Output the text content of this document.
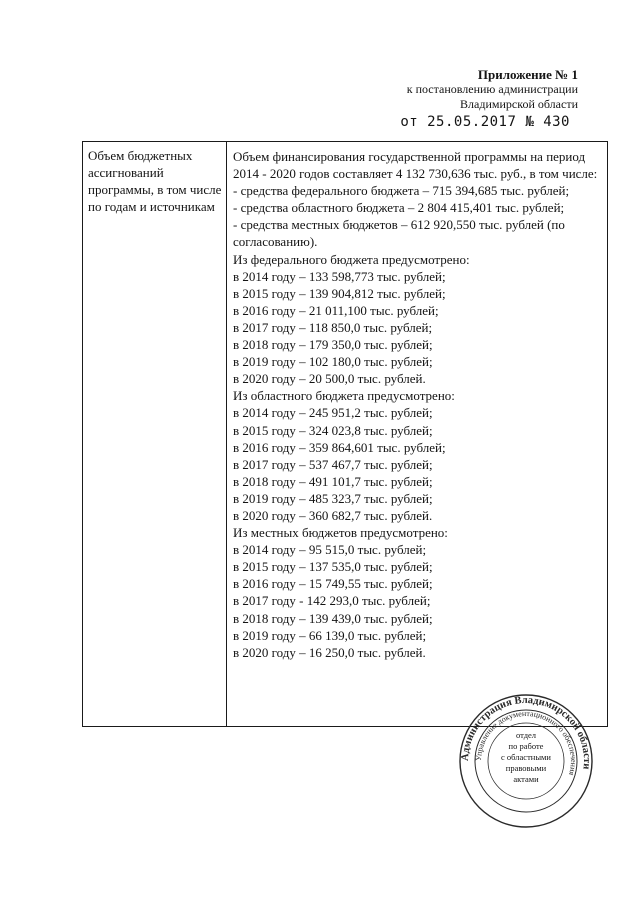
Приложение № 1
к постановлению администрации
Владимирской области
от 25.05.2017 № 430
Объем бюджетных ассигнований программы, в том числе по годам и источникам

Объем финансирования государственной программы на период 2014 - 2020 годов составляет 4 132 730,636 тыс. руб., в том числе:

- средства федерального бюджета – 715 394,685 тыс. рублей;

- средства областного бюджета – 2 804 415,401 тыс. рублей;

- средства местных бюджетов – 612 920,550 тыс. рублей (по согласованию).

Из федерального бюджета предусмотрено:

в 2014 году – 133 598,773 тыс. рублей;

в 2015 году – 139 904,812 тыс. рублей;

в 2016 году – 21 011,100 тыс. рублей;

в 2017 году – 118 850,0 тыс. рублей;

в 2018 году – 179 350,0 тыс. рублей;

в 2019 году – 102 180,0 тыс. рублей;

в 2020 году – 20 500,0 тыс. рублей.

Из областного бюджета предусмотрено:

в 2014 году – 245 951,2 тыс. рублей;

в 2015 году – 324 023,8 тыс. рублей;

в 2016 году – 359 864,601 тыс. рублей;

в 2017 году – 537 467,7 тыс. рублей;

в 2018 году – 491 101,7 тыс. рублей;

в 2019 году – 485 323,7 тыс. рублей;

в 2020 году – 360 682,7 тыс. рублей.

Из местных бюджетов предусмотрено:

в 2014 году – 95 515,0 тыс. рублей;

в 2015 году – 137 535,0 тыс. рублей;

в 2016 году – 15 749,55 тыс. рублей;

в 2017 году - 142 293,0 тыс. рублей;

в 2018 году – 139 439,0 тыс. рублей;

в 2019 году – 66 139,0 тыс. рублей;

в 2020 году – 16 250,0 тыс. рублей.

Администрация Владимирской области
Управление документационного обеспечения
отдел
по работе
с областными
правовыми
актами
